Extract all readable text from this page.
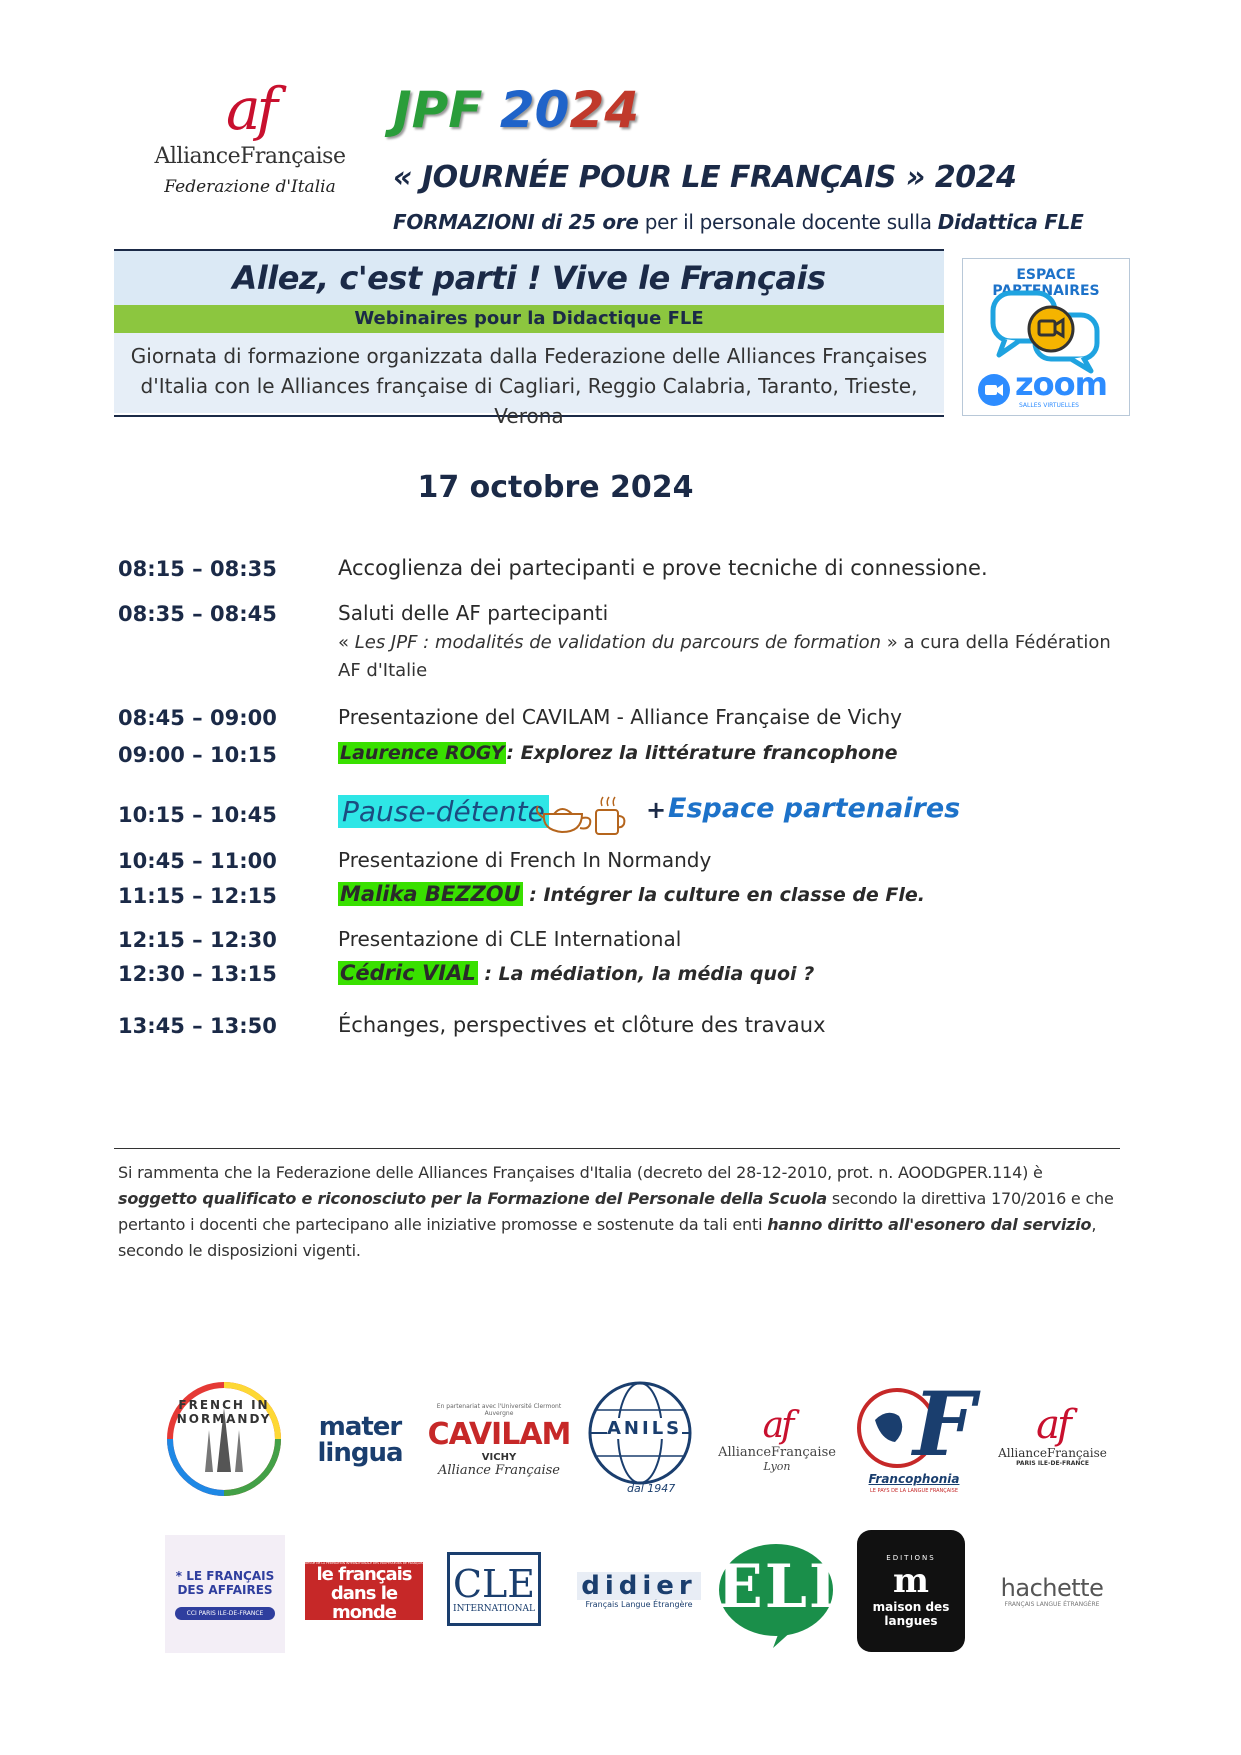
af
AllianceFrançaise
Federazione d'Italia
JPF 2024
« JOURNÉE POUR LE FRANÇAIS » 2024
FORMAZIONI di 25 ore per il personale docente sulla Didattica FLE
Allez, c'est parti ! Vive le Français
Webinaires pour la Didactique FLE
Giornata di formazione organizzata dalla Federazione delle Alliances Françaises
d'Italia con le Alliances française di Cagliari, Reggio Calabria, Taranto, Trieste, Verona
ESPACE PARTENAIRES
zoom
SALLES VIRTUELLES
17 octobre 2024
08:15 – 08:35	Accoglienza dei partecipanti e prove tecniche di connessione.
08:35 – 08:45	Saluti delle AF partecipanti
« Les JPF : modalités de validation du parcours de formation » a cura della Fédération AF d'Italie
08:45 – 09:00	Presentazione del CAVILAM - Alliance Française de Vichy
09:00 – 10:15	Laurence ROGY : Explorez la littérature francophone
10:15 – 10:45 Pause-détente	+ Espace partenaires
10:45 – 11:00	Presentazione di French In Normandy
11:15 – 12:15	Malika BEZZOU : Intégrer la culture en classe de Fle.
12:15 – 12:30	Presentazione di CLE International
12:30 – 13:15	Cédric VIAL : La médiation, la média quoi ?
13:45 – 13:50	Échanges, perspectives et clôture des travaux
Si rammenta che la Federazione delle Alliances Françaises d'Italia (decreto del 28-12-2010, prot. n. AOODGPER.114) è soggetto qualificato e riconosciuto per la Formazione del Personale della Scuola secondo la direttiva 170/2016 e che pertanto i docenti che partecipano alle iniziative promosse e sostenute da tali enti hanno diritto all'esonero dal servizio, secondo le disposizioni vigenti.
FRENCH IN NORMANDY	mater lingua
En partenariat avec l'Université Clermont Auvergne
CAVILAM
VICHY
Alliance Française
ANILS
dal 1947
af
AllianceFrançaise
Lyon F
Francophonia
LE PAYS DE LA LANGUE FRANÇAISE
af
AllianceFrançaise
PARIS ILE-DE-FRANCE
* LE FRANÇAIS DES AFFAIRES
CCI PARIS ILE-DE-FRANCE
REVUE DE LA FÉDÉRATION INTERNATIONALE DES PROFESSEURS DE FRANÇAIS
le français dans le monde
CLE
INTERNATIONAL
didier
Français Langue Étrangère ELI	EDITIONS
m
maison des langues
hachette
FRANÇAIS LANGUE ÉTRANGÈRE
